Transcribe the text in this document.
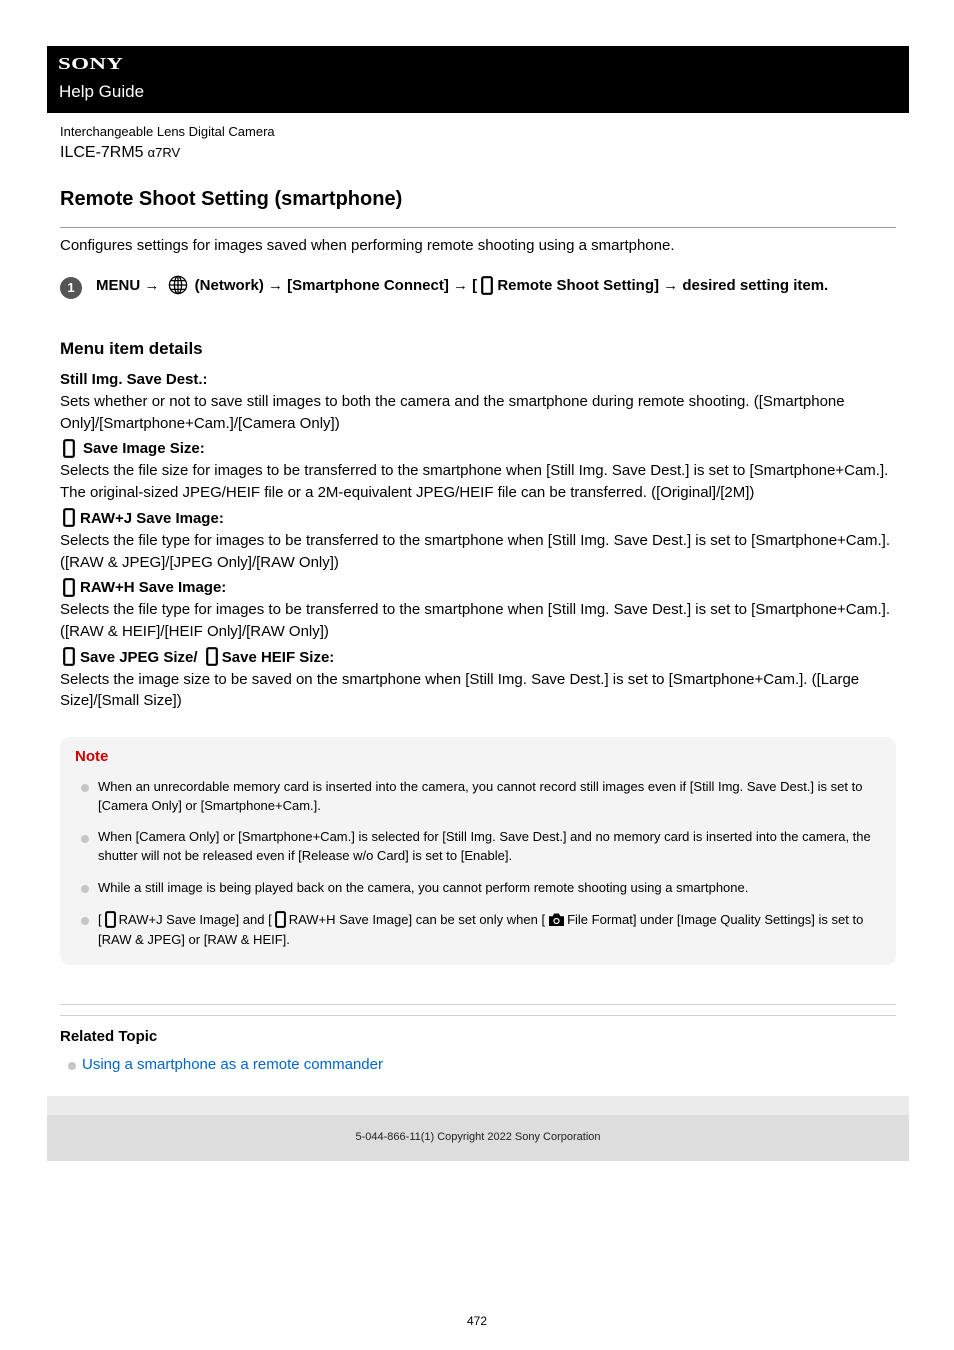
SONY
Help Guide
Interchangeable Lens Digital Camera
ILCE-7RM5 α7RV
Remote Shoot Setting (smartphone)

Configures settings for images saved when performing remote shooting using a smartphone.

1	MENU →
(Network) → [Smartphone Connect] → [
Remote Shoot Setting] → desired setting item.
Menu item details
Still Img. Save Dest.:
Sets whether or not to save still images to both the camera and the smartphone during remote shooting. ([Smartphone Only]/[Smartphone+Cam.]/[Camera Only])
Save Image Size:
Selects the file size for images to be transferred to the smartphone when [Still Img. Save Dest.] is set to [Smartphone+Cam.]. The original-sized JPEG/HEIF file or a 2M-equivalent JPEG/HEIF file can be transferred. ([Original]/[2M])
RAW+J Save Image:
Selects the file type for images to be transferred to the smartphone when [Still Img. Save Dest.] is set to [Smartphone+Cam.]. ([RAW & JPEG]/[JPEG Only]/[RAW Only])
RAW+H Save Image:
Selects the file type for images to be transferred to the smartphone when [Still Img. Save Dest.] is set to [Smartphone+Cam.]. ([RAW & HEIF]/[HEIF Only]/[RAW Only])
Save JPEG Size/
Save HEIF Size:
Selects the image size to be saved on the smartphone when [Still Img. Save Dest.] is set to [Smartphone+Cam.]. ([Large Size]/[Small Size])
Note
When an unrecordable memory card is inserted into the camera, you cannot record still images even if [Still Img. Save Dest.] is set to [Camera Only] or [Smartphone+Cam.].
When [Camera Only] or [Smartphone+Cam.] is selected for [Still Img. Save Dest.] and no memory card is inserted into the camera, the shutter will not be released even if [Release w/o Card] is set to [Enable].
While a still image is being played back on the camera, you cannot perform remote shooting using a smartphone.
[ RAW+J Save Image] and [ RAW+H Save Image] can be set only when [ File Format] under [Image Quality Settings] is set to [RAW & JPEG] or [RAW & HEIF].
Related Topic
Using a smartphone as a remote commander
5-044-866-11(1) Copyright 2022 Sony Corporation
472
